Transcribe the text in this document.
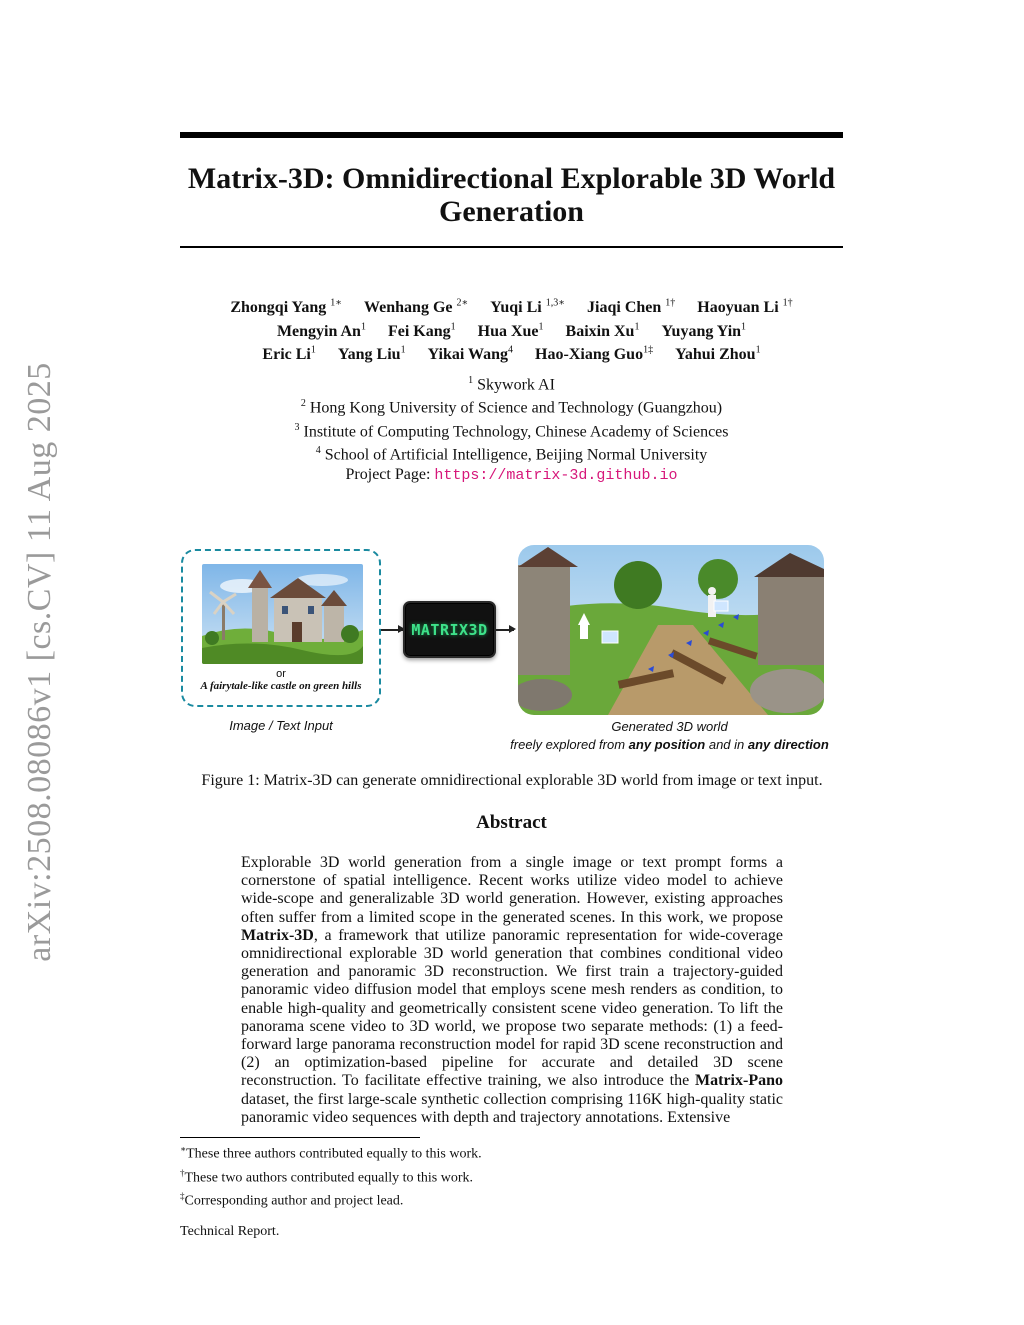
arXiv:2508.08086v1 [cs.CV] 11 Aug 2025
Matrix-3D: Omnidirectional Explorable 3D World
Generation
Zhongqi Yang $^{1∗}$ Wenhang Ge $^{2∗}$ Yuqi Li $^{1,3∗}$ Jiaqi Chen $^{1\dagger}$ Haoyuan Li $^{1\dagger}$
Mengyin An$^1$ Fei Kang$^1$ Hua Xue$^1$ Baixin Xu$^1$ Yuyang Yin$^1$
Eric Li$^1$ Yang Liu$^1$ Yikai Wang$^4$ Hao-Xiang Guo$^{1\ddagger}$ Yahui Zhou$^1$
$^1$ Skywork AI
$^2$ Hong Kong University of Science and Technology (Guangzhou)
$^3$ Institute of Computing Technology, Chinese Academy of Sciences
$^4$ School of Artificial Intelligence, Beijing Normal University
Project Page: https://matrix-3d.github.io
or
A fairytale-like castle on green hills
Image / Text Input
MATRIX3D
Generated 3D world
freely explored from any position and in any direction
Figure 1: Matrix-3D can generate omnidirectional explorable 3D world from image or text input.
Abstract

Explorable 3D world generation from a single image or text prompt forms a cornerstone of spatial intelligence. Recent works utilize video model to achieve wide-scope and generalizable 3D world generation. However, existing approaches often suffer from a limited scope in the generated scenes. In this work, we propose Matrix-3D, a framework that utilize panoramic representation for wide-coverage omnidirectional explorable 3D world generation that combines conditional video generation and panoramic 3D reconstruction. We first train a trajectory-guided panoramic video diffusion model that employs scene mesh renders as condition, to enable high-quality and geometrically consistent scene video generation. To lift the panorama scene video to 3D world, we propose two separate methods: (1) a feed-forward large panorama reconstruction model for rapid 3D scene reconstruction and (2) an optimization-based pipeline for accurate and detailed 3D scene reconstruction. To facilitate effective training, we also introduce the Matrix-Pano dataset, the first large-scale synthetic collection comprising 116K high-quality static panoramic video sequences with depth and trajectory annotations. Extensive

∗These three authors contributed equally to this work.
†These two authors contributed equally to this work.
‡Corresponding author and project lead.
Technical Report.
